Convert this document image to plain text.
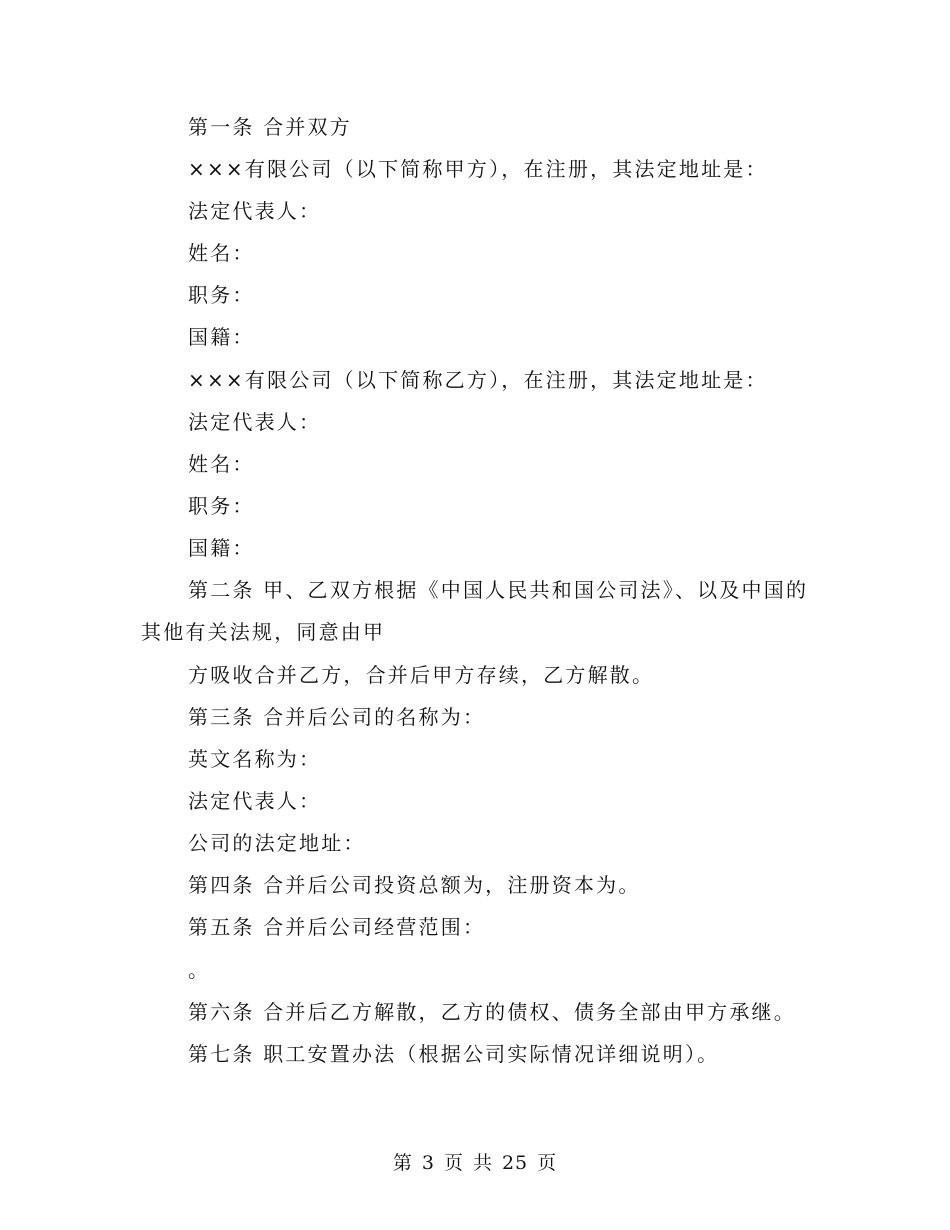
第一条 合并双方
×××有限公司（以下简称甲方），在注册，其法定地址是：
法定代表人：
姓名：
职务：
国籍：
×××有限公司（以下简称乙方），在注册，其法定地址是：
法定代表人：
姓名：
职务：
国籍：
第二条 甲、乙双方根据《中国人民共和国公司法》、以及中国的
其他有关法规，同意由甲
方吸收合并乙方，合并后甲方存续，乙方解散。
第三条 合并后公司的名称为：
英文名称为：
法定代表人：
公司的法定地址：
第四条 合并后公司投资总额为，注册资本为。
第五条 合并后公司经营范围：
。
第六条 合并后乙方解散，乙方的债权、债务全部由甲方承继。
第七条 职工安置办法（根据公司实际情况详细说明）。
第 3 页 共 25 页
